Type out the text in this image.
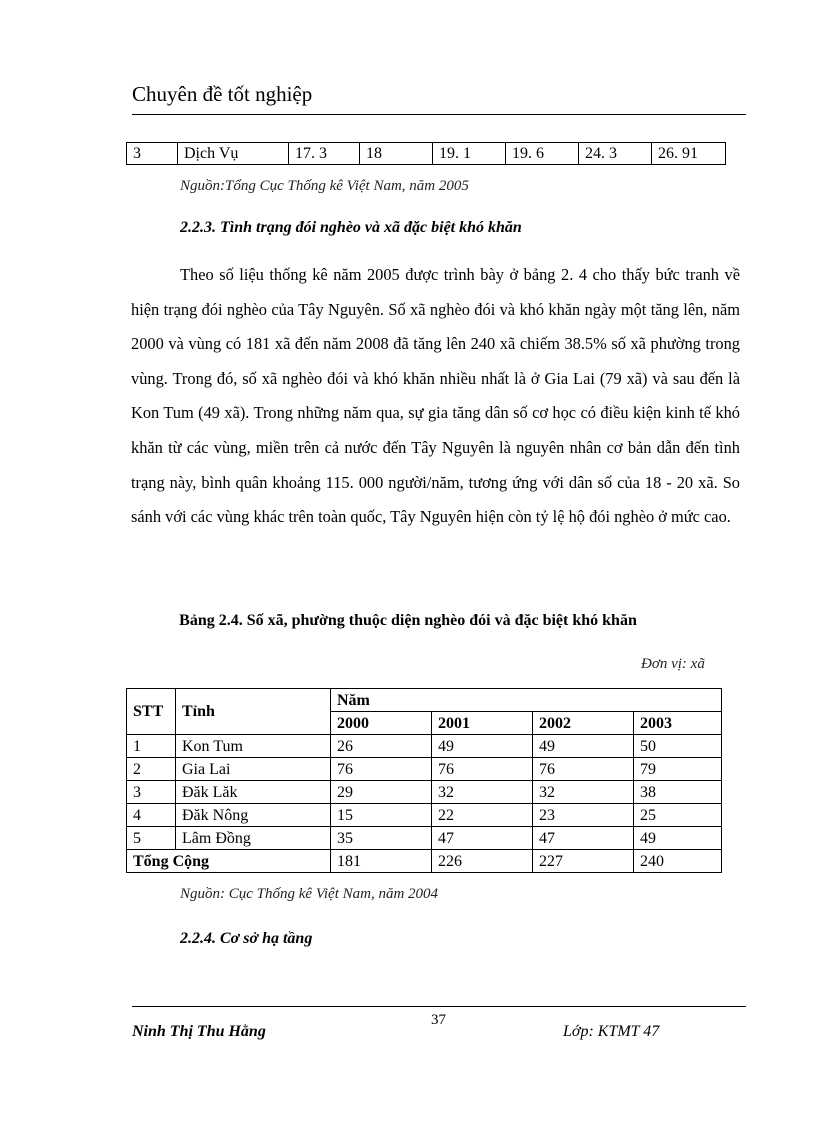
Chuyên đề tốt nghiệp
3	Dịch Vụ	17. 3	18	19. 1	19. 6	24. 3	26. 91
Nguồn:Tổng Cục Thống kê Việt Nam, năm 2005
2.2.3. Tình trạng đói nghèo và xã đặc biệt khó khăn
Theo số liệu thống kê năm 2005 được trình bày ở bảng 2. 4 cho thấy bức tranh về hiện trạng đói nghèo của Tây Nguyên. Số xã nghèo đói và khó khăn ngày một tăng lên, năm 2000 và vùng có 181 xã đến năm 2008 đã tăng lên 240 xã chiếm 38.5% số xã phường trong vùng. Trong đó, số xã nghèo đói và khó khăn nhiều nhất là ở Gia Lai (79 xã) và sau đến là Kon Tum (49 xã). Trong những năm qua, sự gia tăng dân số cơ học có điều kiện kinh tế khó khăn từ các vùng, miền trên cả nước đến Tây Nguyên là nguyên nhân cơ bản dẫn đến tình trạng này, bình quân khoảng 115. 000 người/năm, tương ứng với dân số của 18 - 20 xã. So sánh với các vùng khác trên toàn quốc, Tây Nguyên hiện còn tỷ lệ hộ đói nghèo ở mức cao.
Bảng 2.4. Số xã, phường thuộc diện nghèo đói và đặc biệt khó khăn
Đơn vị: xã
STT	Tỉnh	Năm			
		2000	2001	2002	2003
1	Kon Tum	26	49	49	50
2	Gia Lai	76	76	76	79
3	Đăk Lăk	29	32	32	38
4	Đăk Nông	15	22	23	25
5	Lâm Đồng	35	47	47	49
Tổng Cộng		181	226	227	240
Nguồn: Cục Thống kê Việt Nam, năm 2004
2.2.4. Cơ sở hạ tầng
37
Ninh Thị Thu Hằng	Lớp: KTMT 47
